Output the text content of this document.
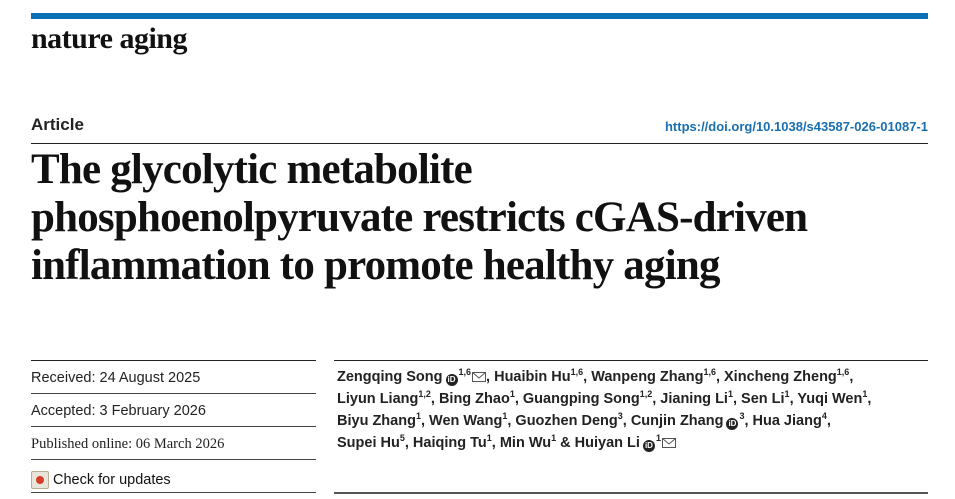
nature aging
Article	https://doi.org/10.1038/s43587-026-01087-1
The glycolytic metabolite
phosphoenolpyruvate restricts cGAS-driven
inflammation to promote healthy aging
Received: 24 August 2025
Accepted: 3 February 2026
Published online: 06 March 2026
Check for updates
Zengqing Song iD$^{1,6}$ , Huaibin Hu$^{1,6}$, Wanpeng Zhang$^{1,6}$, Xincheng Zheng$^{1,6}$,
Liyun Liang$^{1,2}$, Bing Zhao$^1$, Guangping Song$^{1,2}$, Jianing Li$^1$, Sen Li$^1$, Yuqi Wen$^1$,
Biyu Zhang$^1$, Wen Wang$^1$, Guozhen Deng$^3$, Cunjin Zhang $iD^3$, Hua Jiang$^4$,
Supei Hu$^5$, Haiqing Tu$^1$, Min Wu$^1$ & Huiyan Li $iD^1$
